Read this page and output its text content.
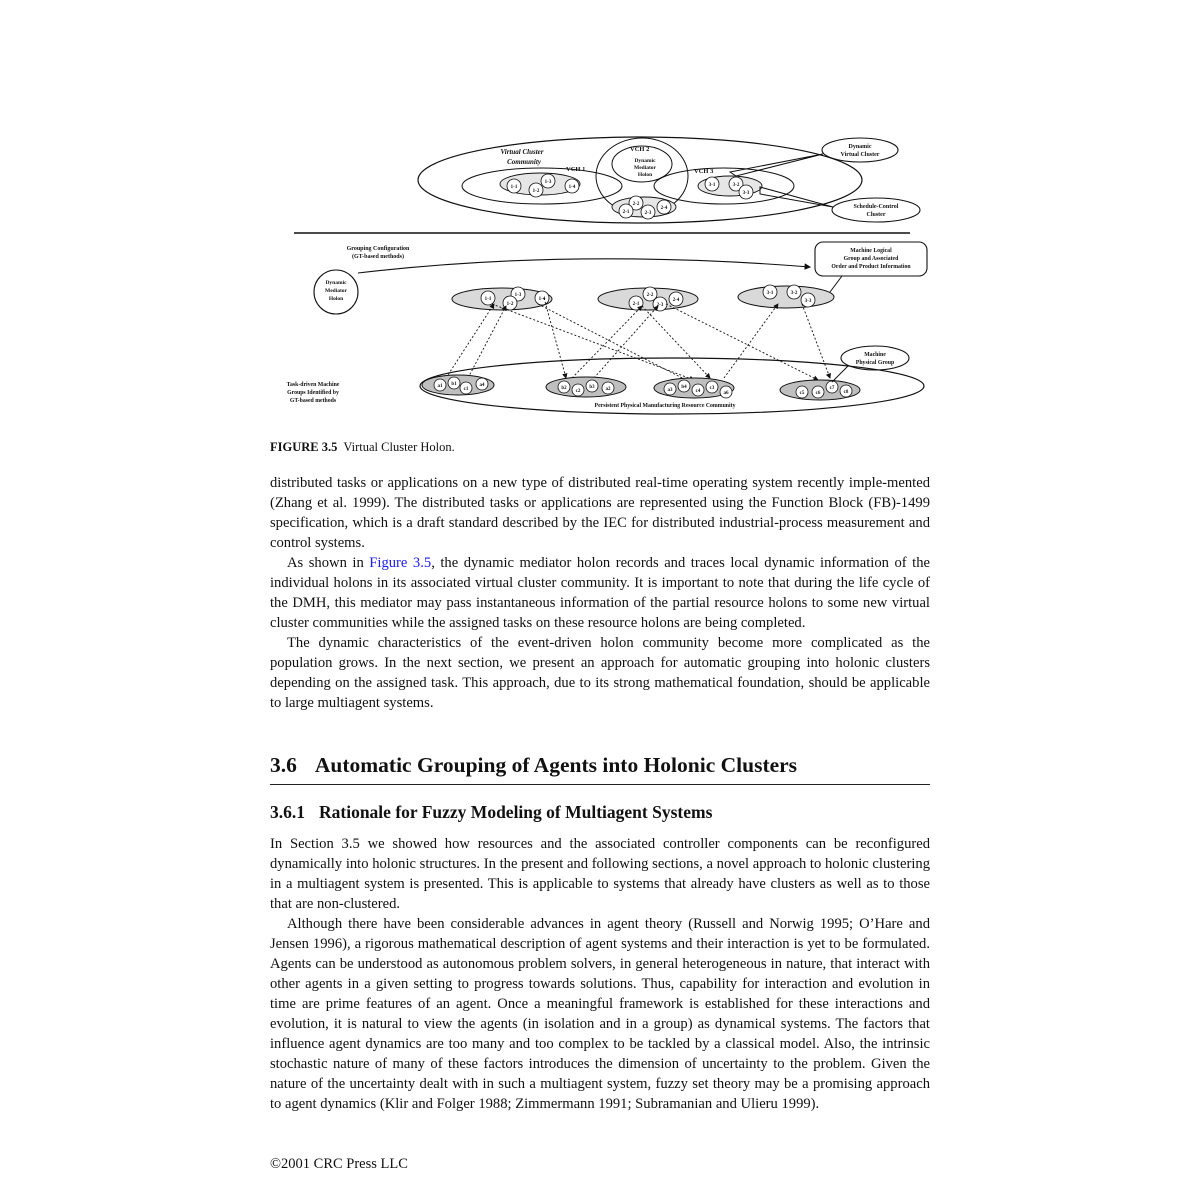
1-1
1-2
1-3
1-4
2-2
2-1	2-3
2-4
3-1	3-2
3-3
Virtual Cluster Community
VCH 1
VCH 2
VCH 3
Dynamic Mediator Holon
Dynamic Virtual Cluster
Schedule-Control Cluster
Grouping Configuration (GT-based methods)
Machine Logical Group and Associated Order and Product Information
Dynamic Mediator Holon	1-1
1-3
1-2
1-4
2-2
2-1	2-3
2-4
3-1	3-2
3-3
a1 b1
c1
a4
b2
c2
b3 a2	a3
b4
c4
c3
a6	c5 c6
c7
c8
Persistent Physical Manufacturing Resource Community
Machine Physical Group
Task-driven Machine Groups Identified by GT-based methods
FIGURE 3.5 Virtual Cluster Holon.

distributed tasks or applications on a new type of distributed real-time operating system recently imple-mented (Zhang et al. 1999). The distributed tasks or applications are represented using the Function Block (FB)-1499 specification, which is a draft standard described by the IEC for distributed industrial-process measurement and control systems.

As shown in Figure 3.5, the dynamic mediator holon records and traces local dynamic information of the individual holons in its associated virtual cluster community. It is important to note that during the life cycle of the DMH, this mediator may pass instantaneous information of the partial resource holons to some new virtual cluster communities while the assigned tasks on these resource holons are being completed.

The dynamic characteristics of the event-driven holon community become more complicated as the population grows. In the next section, we present an approach for automatic grouping into holonic clusters depending on the assigned task. This approach, due to its strong mathematical foundation, should be applicable to large multiagent systems.

3.6 Automatic Grouping of Agents into Holonic Clusters
3.6.1 Rationale for Fuzzy Modeling of Multiagent Systems

In Section 3.5 we showed how resources and the associated controller components can be reconfigured dynamically into holonic structures. In the present and following sections, a novel approach to holonic clustering in a multiagent system is presented. This is applicable to systems that already have clusters as well as to those that are non-clustered.

Although there have been considerable advances in agent theory (Russell and Norwig 1995; O’Hare and Jensen 1996), a rigorous mathematical description of agent systems and their interaction is yet to be formulated. Agents can be understood as autonomous problem solvers, in general heterogeneous in nature, that interact with other agents in a given setting to progress towards solutions. Thus, capability for interaction and evolution in time are prime features of an agent. Once a meaningful framework is established for these interactions and evolution, it is natural to view the agents (in isolation and in a group) as dynamical systems. The factors that influence agent dynamics are too many and too complex to be tackled by a classical model. Also, the intrinsic stochastic nature of many of these factors introduces the dimension of uncertainty to the problem. Given the nature of the uncertainty dealt with in such a multiagent system, fuzzy set theory may be a promising approach to agent dynamics (Klir and Folger 1988; Zimmermann 1991; Subramanian and Ulieru 1999).

©2001 CRC Press LLC
